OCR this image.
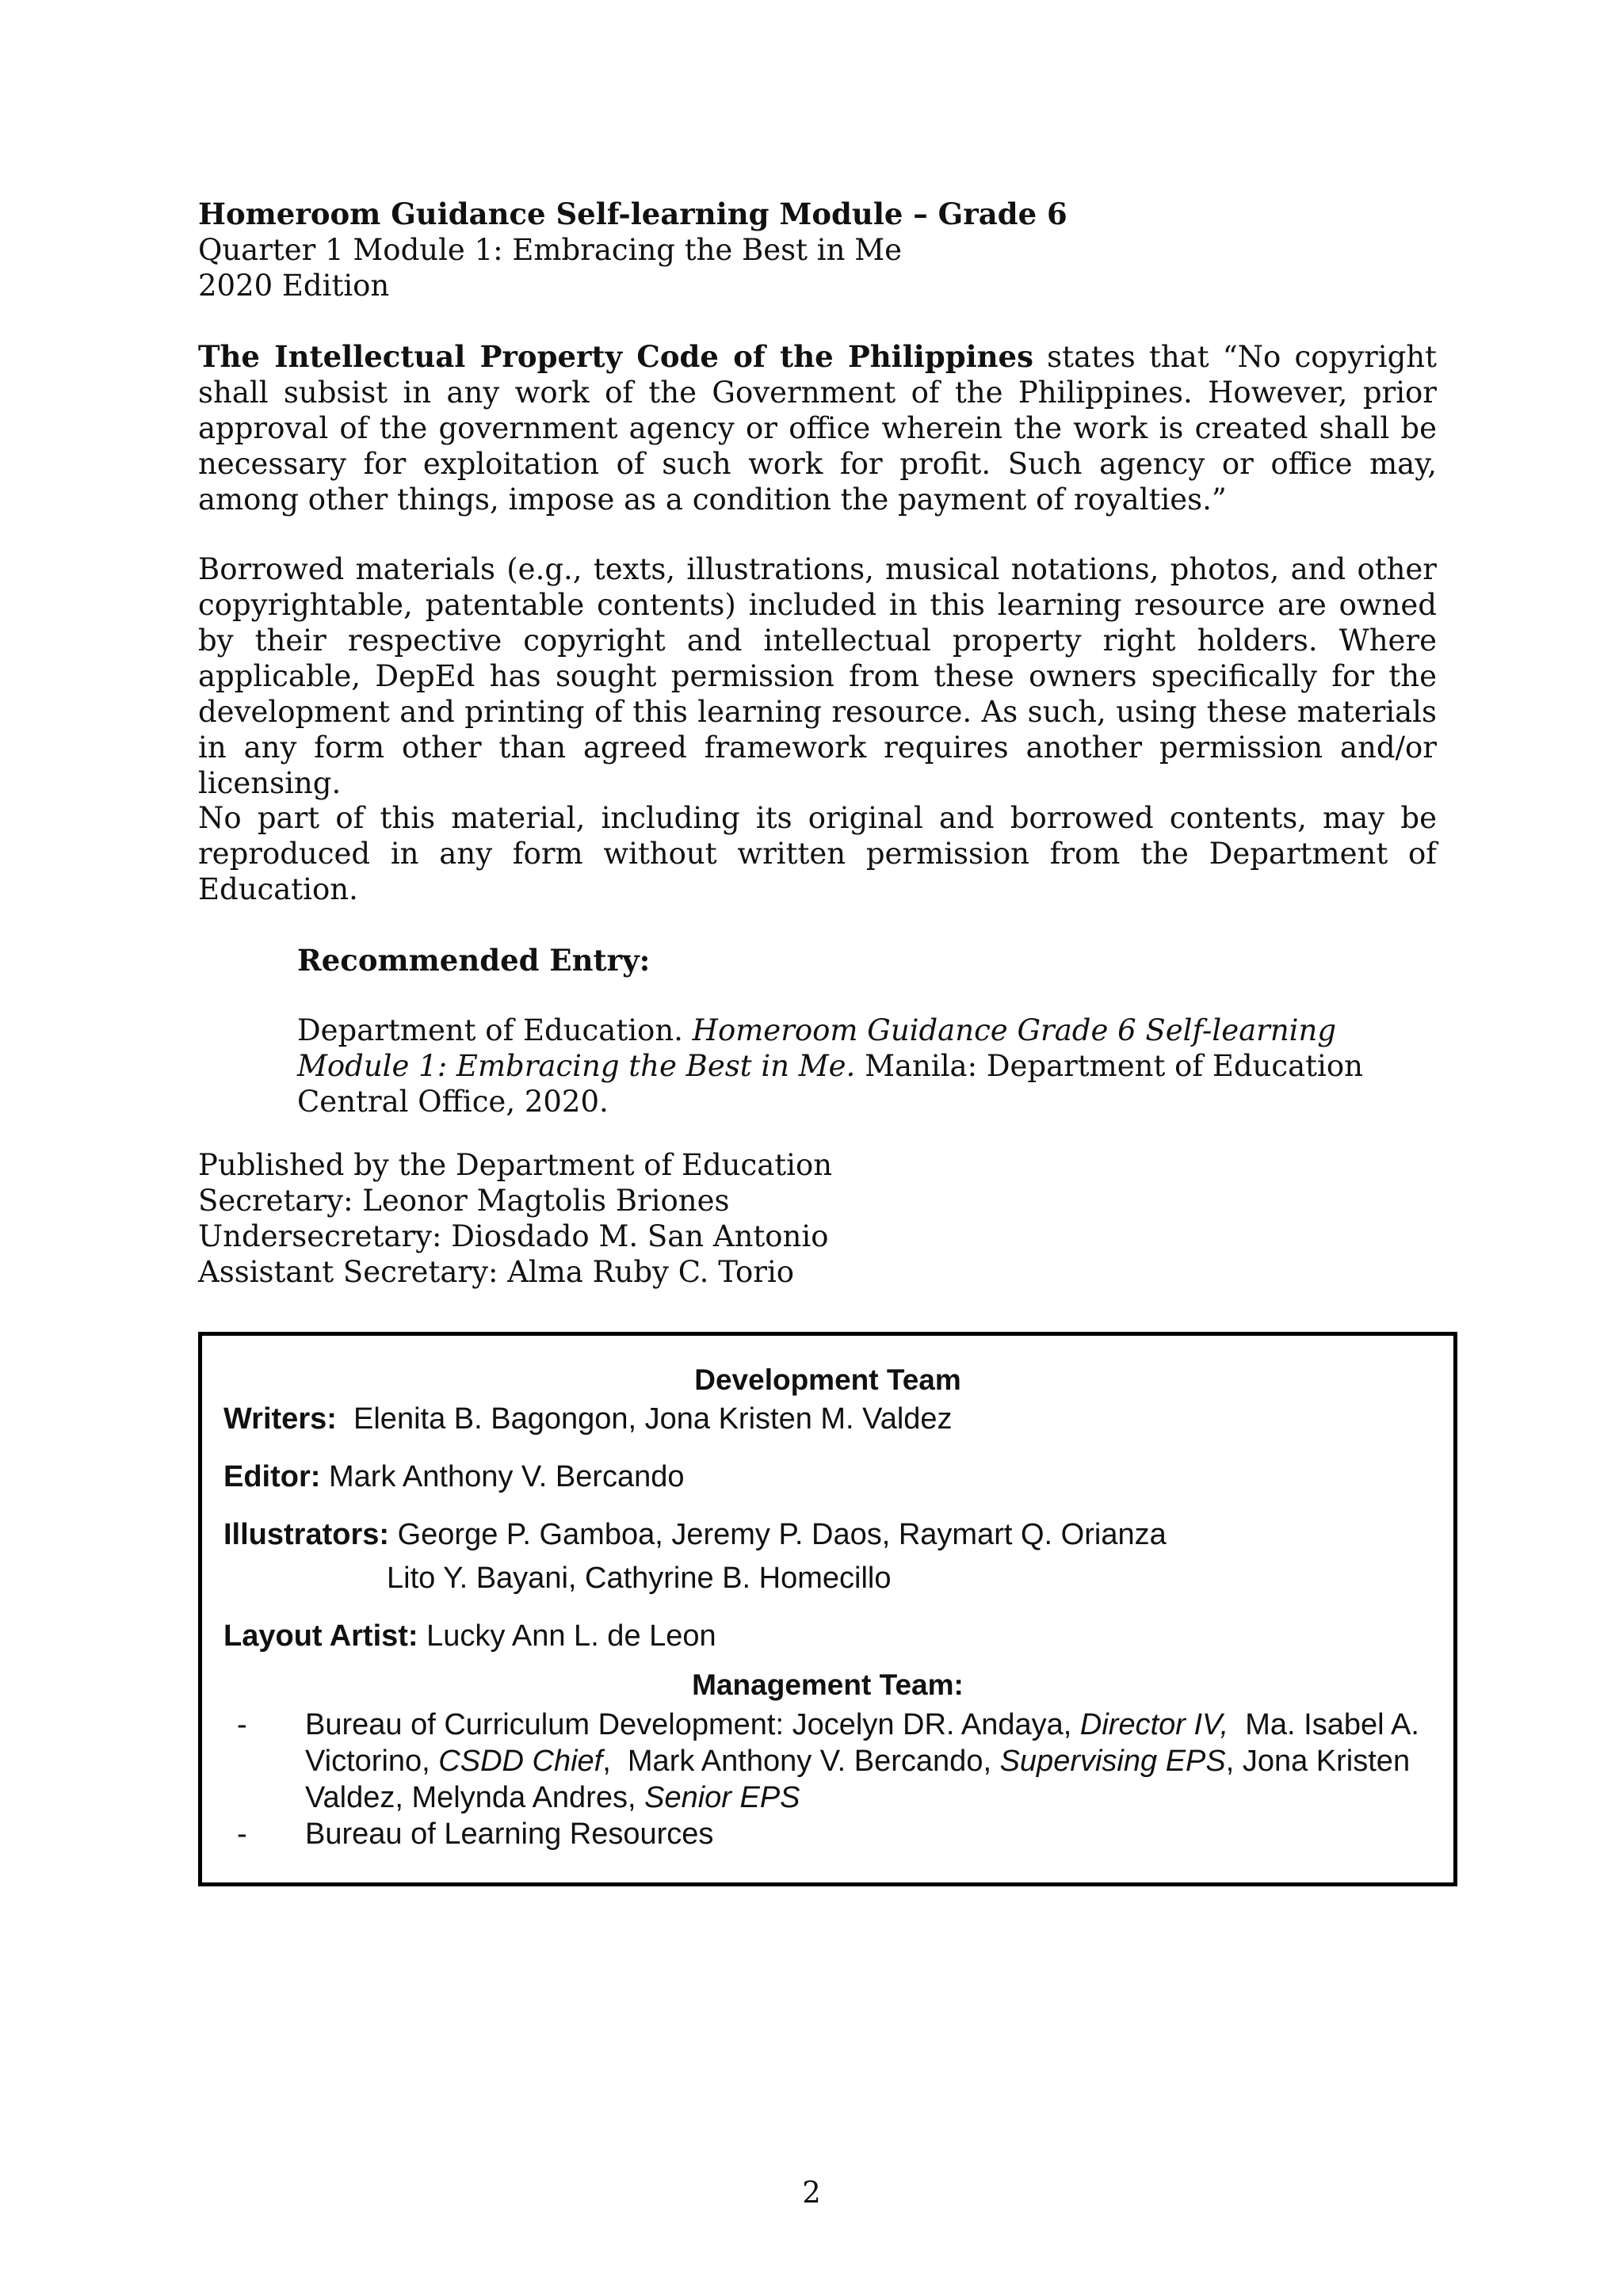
Homeroom Guidance Self-learning Module – Grade 6
Quarter 1 Module 1: Embracing the Best in Me
2020 Edition
The Intellectual Property Code of the Philippines states that “No copyright shall subsist in any work of the Government of the Philippines. However, prior approval of the government agency or office wherein the work is created shall be necessary for exploitation of such work for profit. Such agency or office may, among other things, impose as a condition the payment of royalties.”
Borrowed materials (e.g., texts, illustrations, musical notations, photos, and other copyrightable, patentable contents) included in this learning resource are owned by their respective copyright and intellectual property right holders. Where applicable, DepEd has sought permission from these owners specifically for the development and printing of this learning resource. As such, using these materials in any form other than agreed framework requires another permission and/or licensing.
No part of this material, including its original and borrowed contents, may be reproduced in any form without written permission from the Department of Education.
Recommended Entry:
Department of Education. Homeroom Guidance Grade 6 Self-learning Module 1: Embracing the Best in Me. Manila: Department of Education Central Office, 2020.
Published by the Department of Education
Secretary: Leonor Magtolis Briones
Undersecretary: Diosdado M. San Antonio
Assistant Secretary: Alma Ruby C. Torio
Development Team
Writers: Elenita B. Bagongon, Jona Kristen M. Valdez
Editor: Mark Anthony V. Bercando
Illustrators: George P. Gamboa, Jeremy P. Daos, Raymart Q. Orianza
Lito Y. Bayani, Cathyrine B. Homecillo
Layout Artist: Lucky Ann L. de Leon
Management Team:
- Bureau of Curriculum Development: Jocelyn DR. Andaya, Director IV,  Ma. Isabel A. Victorino, CSDD Chief,  Mark Anthony V. Bercando, Supervising EPS, Jona Kristen Valdez, Melynda Andres, Senior EPS
- Bureau of Learning Resources
2
